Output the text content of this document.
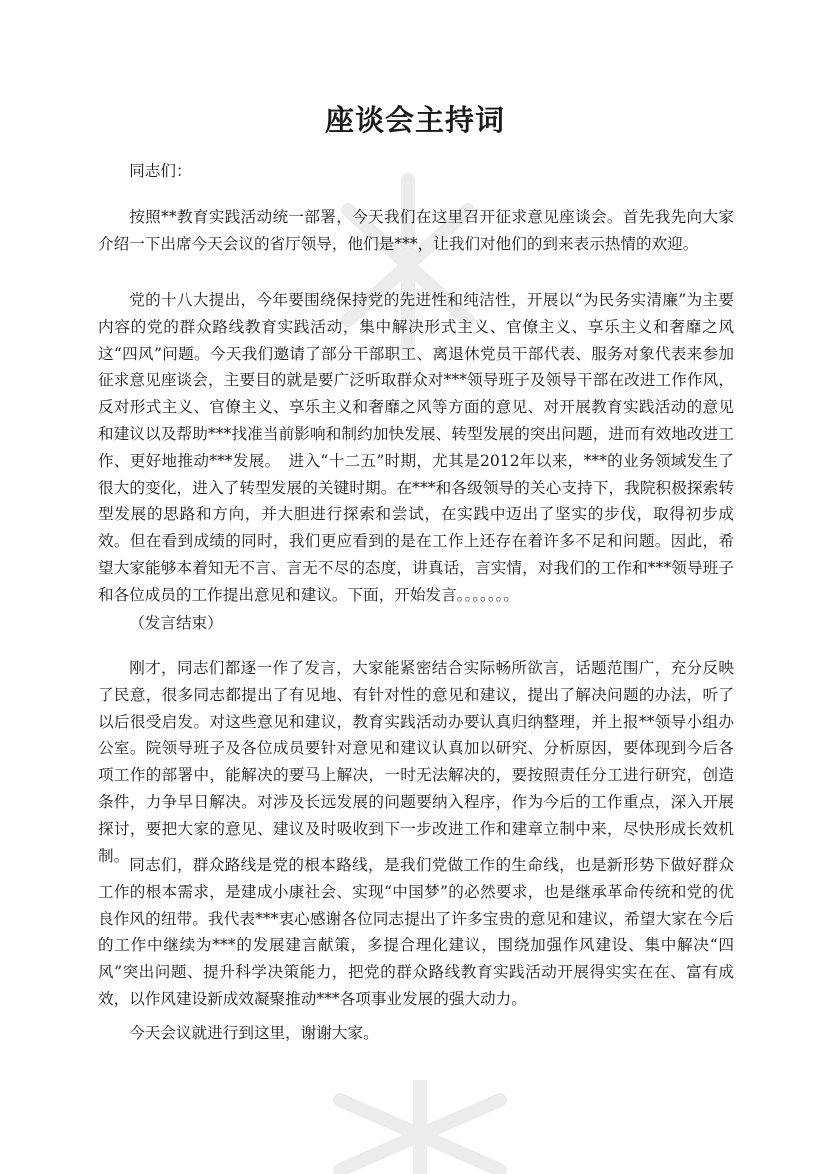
座谈会主持词

同志们：

按照**教育实践活动统一部署，今天我们在这里召开征求意见座谈会。首先我先向大家介绍一下出席今天会议的省厅领导，他们是***，让我们对他们的到来表示热情的欢迎。

党的十八大提出，今年要围绕保持党的先进性和纯洁性，开展以“为民务实清廉”为主要内容的党的群众路线教育实践活动，集中解决形式主义、官僚主义、享乐主义和奢靡之风这“四风”问题。今天我们邀请了部分干部职工、离退休党员干部代表、服务对象代表来参加征求意见座谈会，主要目的就是要广泛听取群众对***领导班子及领导干部在改进工作作风，反对形式主义、官僚主义、享乐主义和奢靡之风等方面的意见、对开展教育实践活动的意见和建议以及帮助***找准当前影响和制约加快发展、转型发展的突出问题，进而有效地改进工作、更好地推动***发展。　进入“十二五”时期，尤其是2012年以来，***的业务领域发生了很大的变化，进入了转型发展的关键时期。在***和各级领导的关心支持下，我院积极探索转型发展的思路和方向，并大胆进行探索和尝试，在实践中迈出了坚实的步伐，取得初步成效。但在看到成绩的同时，我们更应看到的是在工作上还存在着许多不足和问题。因此，希望大家能够本着知无不言、言无不尽的态度，讲真话，言实情，对我们的工作和***领导班子和各位成员的工作提出意见和建议。下面，开始发言。。。。。。。

（发言结束）

刚才，同志们都逐一作了发言，大家能紧密结合实际畅所欲言，话题范围广，充分反映了民意，很多同志都提出了有见地、有针对性的意见和建议，提出了解决问题的办法，听了以后很受启发。对这些意见和建议，教育实践活动办要认真归纳整理，并上报**领导小组办公室。院领导班子及各位成员要针对意见和建议认真加以研究、分析原因，要体现到今后各项工作的部署中，能解决的要马上解决，一时无法解决的，要按照责任分工进行研究，创造条件，力争早日解决。对涉及长远发展的问题要纳入程序，作为今后的工作重点，深入开展探讨，要把大家的意见、建议及时吸收到下一步改进工作和建章立制中来，尽快形成长效机制。

同志们，群众路线是党的根本路线，是我们党做工作的生命线，也是新形势下做好群众工作的根本需求，是建成小康社会、实现“中国梦”的必然要求，也是继承革命传统和党的优良作风的纽带。我代表***衷心感谢各位同志提出了许多宝贵的意见和建议，希望大家在今后的工作中继续为***的发展建言献策，多提合理化建议，围绕加强作风建设、集中解决“四风”突出问题、提升科学决策能力，把党的群众路线教育实践活动开展得实实在在、富有成效，以作风建设新成效凝聚推动***各项事业发展的强大动力。

今天会议就进行到这里，谢谢大家。
